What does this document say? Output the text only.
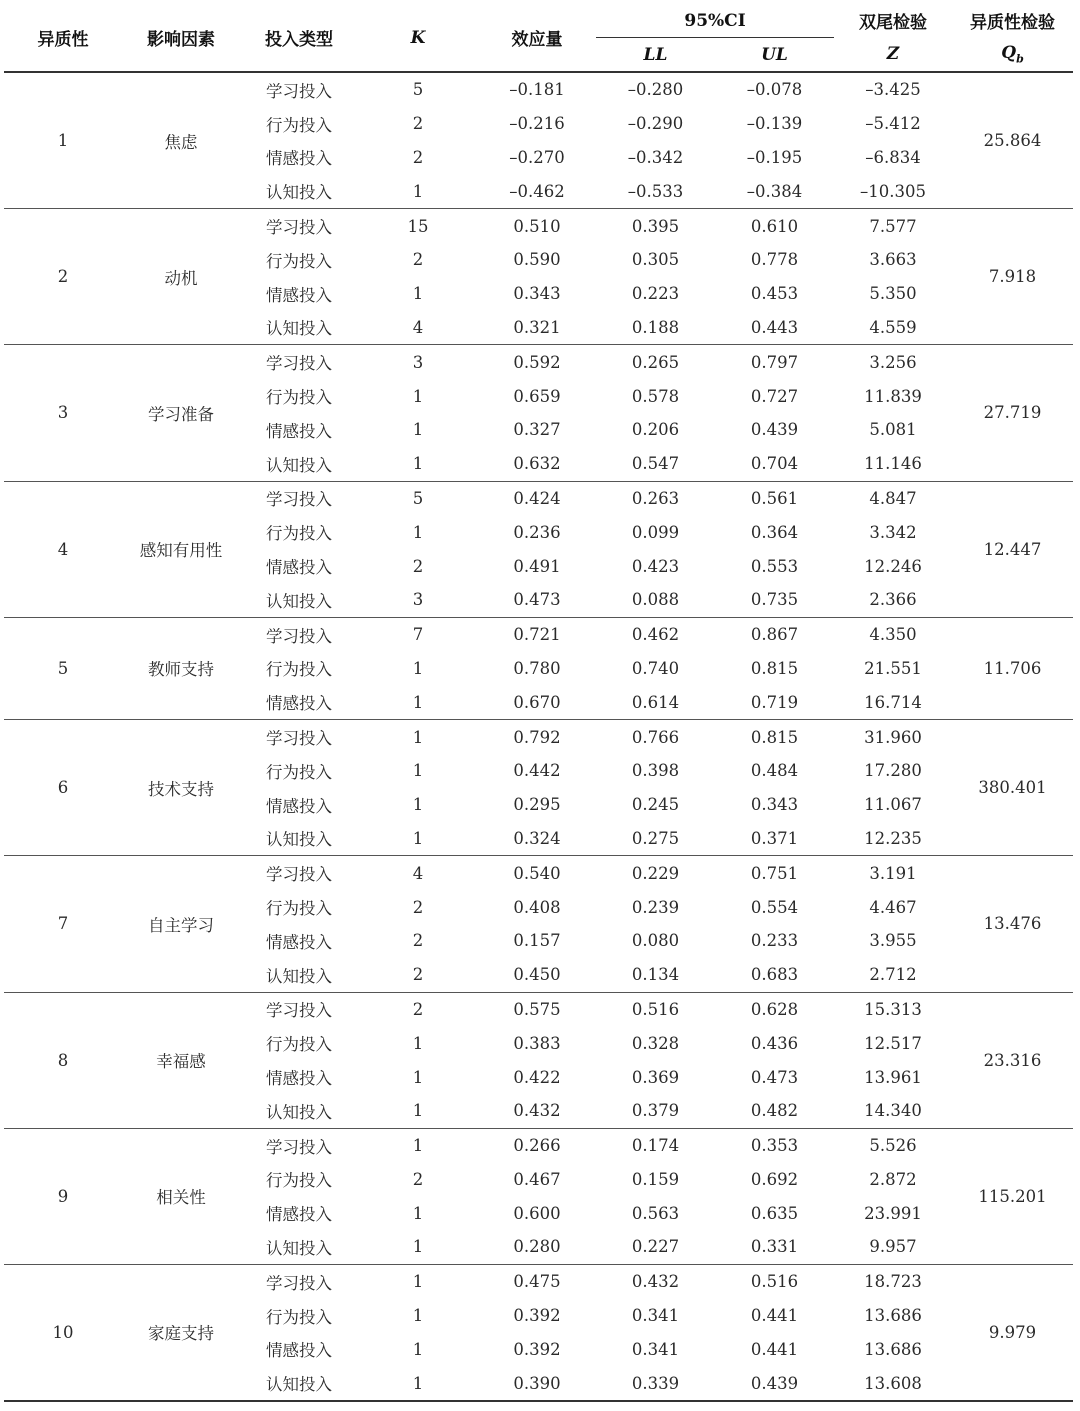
异质性	影响因素	投入类型	K	效应量	95%CI		双尾检验	异质性检验
					LL	UL	Z	$Q_b$
1	焦虑	学习投入	5	–0.181	–0.280	–0.078	–3.425	25.864
		行为投入	2	–0.216	–0.290	–0.139	–5.412	
		情感投入	2	–0.270	–0.342	–0.195	–6.834	
		认知投入	1	–0.462	–0.533	–0.384	–10.305	
2	动机	学习投入	15	0.510	0.395	0.610	7.577	7.918
		行为投入	2	0.590	0.305	0.778	3.663	
		情感投入	1	0.343	0.223	0.453	5.350	
		认知投入	4	0.321	0.188	0.443	4.559	
3	学习准备	学习投入	3	0.592	0.265	0.797	3.256	27.719
		行为投入	1	0.659	0.578	0.727	11.839	
		情感投入	1	0.327	0.206	0.439	5.081	
		认知投入	1	0.632	0.547	0.704	11.146	
4	感知有用性	学习投入	5	0.424	0.263	0.561	4.847	12.447
		行为投入	1	0.236	0.099	0.364	3.342	
		情感投入	2	0.491	0.423	0.553	12.246	
		认知投入	3	0.473	0.088	0.735	2.366	
5	教师支持	学习投入	7	0.721	0.462	0.867	4.350	11.706
		行为投入	1	0.780	0.740	0.815	21.551	
		情感投入	1	0.670	0.614	0.719	16.714	
6	技术支持	学习投入	1	0.792	0.766	0.815	31.960	380.401
		行为投入	1	0.442	0.398	0.484	17.280	
		情感投入	1	0.295	0.245	0.343	11.067	
		认知投入	1	0.324	0.275	0.371	12.235	
7	自主学习	学习投入	4	0.540	0.229	0.751	3.191	13.476
		行为投入	2	0.408	0.239	0.554	4.467	
		情感投入	2	0.157	0.080	0.233	3.955	
		认知投入	2	0.450	0.134	0.683	2.712	
8	幸福感	学习投入	2	0.575	0.516	0.628	15.313	23.316
		行为投入	1	0.383	0.328	0.436	12.517	
		情感投入	1	0.422	0.369	0.473	13.961	
		认知投入	1	0.432	0.379	0.482	14.340	
9	相关性	学习投入	1	0.266	0.174	0.353	5.526	115.201
		行为投入	2	0.467	0.159	0.692	2.872	
		情感投入	1	0.600	0.563	0.635	23.991	
		认知投入	1	0.280	0.227	0.331	9.957	
10	家庭支持	学习投入	1	0.475	0.432	0.516	18.723	9.979
		行为投入	1	0.392	0.341	0.441	13.686	
		情感投入	1	0.392	0.341	0.441	13.686	
		认知投入	1	0.390	0.339	0.439	13.608	
